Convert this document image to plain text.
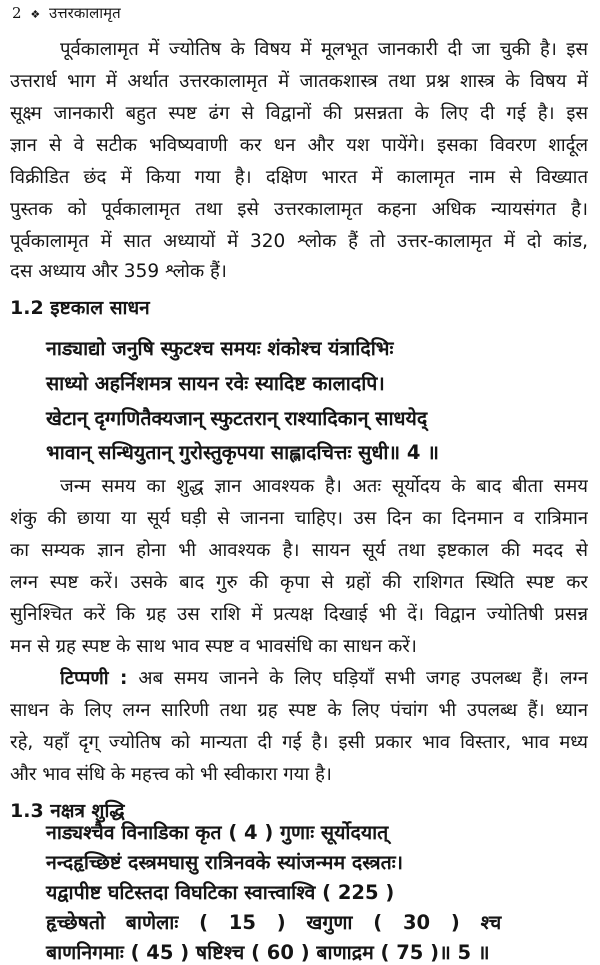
2 ❖ उत्तरकालामृत
पूर्वकालामृत में ज्योतिष के विषय में मूलभूत जानकारी दी जा चुकी है। इस
उत्तरार्ध भाग में अर्थात उत्तरकालामृत में जातकशास्त्र तथा प्रश्न शास्त्र के विषय में
सूक्ष्म जानकारी बहुत स्पष्ट ढंग से विद्वानों की प्रसन्नता के लिए दी गई है। इस
ज्ञान से वे सटीक भविष्यवाणी कर धन और यश पायेंगे। इसका विवरण शार्दूल
विक्रीडित छंद में किया गया है। दक्षिण भारत में कालामृत नाम से विख्यात
पुस्तक को पूर्वकालामृत तथा इसे उत्तरकालामृत कहना अधिक न्यायसंगत है।
पूर्वकालामृत में सात अध्यायों में 320 श्लोक हैं तो उत्तर-कालामृत में दो कांड,
दस अध्याय और 359 श्लोक हैं।
1.2 इष्टकाल साधन
नाड्याद्यो जनुषि स्फुटश्च समयः शंकोश्च यंत्रादिभिः
साध्यो अहर्निशमत्र सायन रवेः स्यादिष्ट कालादपि।
खेटान् दृग्गणितैक्यजान् स्फुटतरान् राश्यादिकान् साधयेद्
भावान् सन्धियुतान् गुरोस्तुकृपया साह्लादचित्तः सुधी॥ 4 ॥
जन्म समय का शुद्ध ज्ञान आवश्यक है। अतः सूर्योदय के बाद बीता समय
शंकु की छाया या सूर्य घड़ी से जानना चाहिए। उस दिन का दिनमान व रात्रिमान
का सम्यक ज्ञान होना भी आवश्यक है। सायन सूर्य तथा इष्टकाल की मदद से
लग्न स्पष्ट करें। उसके बाद गुरु की कृपा से ग्रहों की राशिगत स्थिति स्पष्ट कर
सुनिश्चित करें कि ग्रह उस राशि में प्रत्यक्ष दिखाई भी दें। विद्वान ज्योतिषी प्रसन्न
मन से ग्रह स्पष्ट के साथ भाव स्पष्ट व भावसंधि का साधन करें।
टिप्पणी : अब समय जानने के लिए घड़ियाँ सभी जगह उपलब्ध हैं। लग्न
साधन के लिए लग्न सारिणी तथा ग्रह स्पष्ट के लिए पंचांग भी उपलब्ध हैं। ध्यान
रहे, यहाँ दृग् ज्योतिष को मान्यता दी गई है। इसी प्रकार भाव विस्तार, भाव मध्य
और भाव संधि के महत्त्व को भी स्वीकारा गया है।
1.3 नक्षत्र शुद्धि
नाड्यश्चैव विनाडिका कृत ( 4 ) गुणाः सूर्योदयात्
नन्दहृच्छिष्टं दस्त्रमघासु रात्रिनवके स्यांजन्मम दस्त्रतः।
यद्वापीष्ट घटिस्तदा विघटिका स्वात्त्वाश्वि ( 225 )
हृच्छेषतो बाणेलाः ( 15 ) खगुणा ( 30 ) श्च
बाणनिगमाः ( 45 ) षष्टिश्च ( 60 ) बाणाद्रम ( 75 )॥ 5 ॥
